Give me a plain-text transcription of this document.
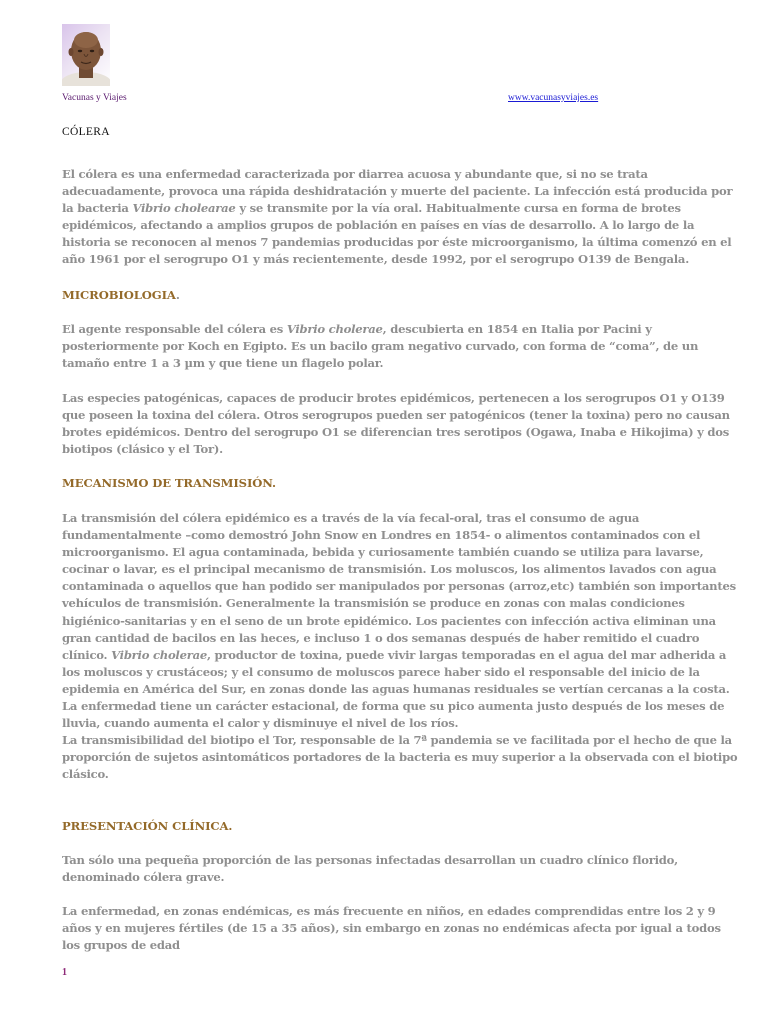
Vacunas y Viajes	www.vacunasyviajes.es
CÓLERA

El cólera es una enfermedad caracterizada por diarrea acuosa y abundante que, si no se trata adecuadamente, provoca una rápida deshidratación y muerte del paciente. La infección está producida por la bacteria Vibrio cholearae y se transmite por la vía oral. Habitualmente cursa en forma de brotes epidémicos, afectando a amplios grupos de población en países en vías de desarrollo. A lo largo de la historia se reconocen al menos 7 pandemias producidas por éste microorganismo, la última comenzó en el año 1961 por el serogrupo O1 y más recientemente, desde 1992, por el serogrupo O139 de Bengala.

MICROBIOLOGIA.

El agente responsable del cólera es Vibrio cholerae, descubierta en 1854 en Italia por Pacini y posteriormente por Koch en Egipto. Es un bacilo gram negativo curvado, con forma de “coma”, de un tamaño entre 1 a 3 µm y que tiene un flagelo polar.

Las especies patogénicas, capaces de producir brotes epidémicos, pertenecen a los serogrupos O1 y O139 que poseen la toxina del cólera. Otros serogrupos pueden ser patogénicos (tener la toxina) pero no causan brotes epidémicos. Dentro del serogrupo O1 se diferencian tres serotipos (Ogawa, Inaba e Hikojima) y dos biotipos (clásico y el Tor).

MECANISMO DE TRANSMISIÓN.

La transmisión del cólera epidémico es a través de la vía fecal-oral, tras el consumo de agua fundamentalmente –como demostró John Snow en Londres en 1854- o alimentos contaminados con el microorganismo. El agua contaminada, bebida y curiosamente también cuando se utiliza para lavarse, cocinar o lavar, es el principal mecanismo de transmisión. Los moluscos, los alimentos lavados con agua contaminada o aquellos que han podido ser manipulados por personas (arroz,etc) también son importantes vehículos de transmisión. Generalmente la transmisión se produce en zonas con malas condiciones higiénico-sanitarias y en el seno de un brote epidémico. Los pacientes con infección activa eliminan una gran cantidad de bacilos en las heces, e incluso 1 o dos semanas después de haber remitido el cuadro clínico. Vibrio cholerae, productor de toxina, puede vivir largas temporadas en el agua del mar adherida a los moluscos y crustáceos; y el consumo de moluscos parece haber sido el responsable del inicio de la epidemia en América del Sur, en zonas donde las aguas humanas residuales se vertían cercanas a la costa. La enfermedad tiene un carácter estacional, de forma que su pico aumenta justo después de los meses de lluvia, cuando aumenta el calor y disminuye el nivel de los ríos.

La transmisibilidad del biotipo el Tor, responsable de la 7ª pandemia se ve facilitada por el hecho de que la proporción de sujetos asintomáticos portadores de la bacteria es muy superior a la observada con el biotipo clásico.

PRESENTACIÓN CLÍNICA.

Tan sólo una pequeña proporción de las personas infectadas desarrollan un cuadro clínico florido, denominado cólera grave.

La enfermedad, en zonas endémicas, es más frecuente en niños, en edades comprendidas entre los 2 y 9 años y en mujeres fértiles (de 15 a 35 años), sin embargo en zonas no endémicas afecta por igual a todos los grupos de edad

1
